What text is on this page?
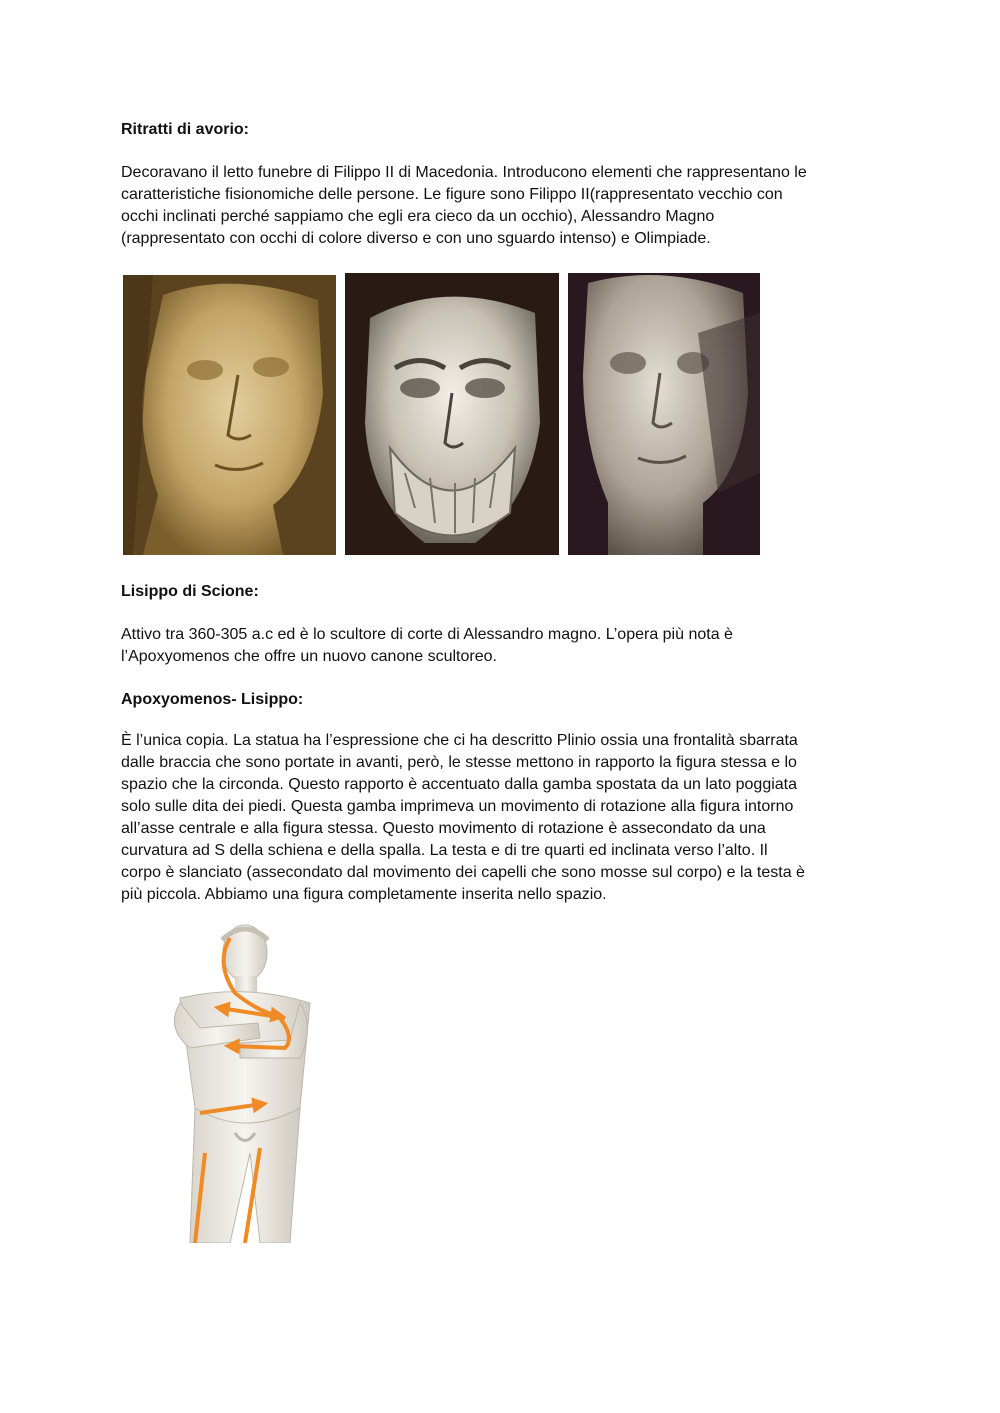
Ritratti di avorio:

Decoravano il letto funebre di Filippo II di Macedonia. Introducono elementi che rappresentano le
caratteristiche fisionomiche delle persone. Le figure sono Filippo II(rappresentato vecchio con
occhi inclinati perché sappiamo che egli era cieco da un occhio), Alessandro Magno
(rappresentato con occhi di colore diverso e con uno sguardo intenso) e Olimpiade.

Lisippo di Scione:

Attivo tra 360-305 a.c ed è lo scultore di corte di Alessandro magno. L’opera più nota è
l’Apoxyomenos che offre un nuovo canone scultoreo.

Apoxyomenos- Lisippo:

È l’unica copia. La statua ha l’espressione che ci ha descritto Plinio ossia una frontalità sbarrata
dalle braccia che sono portate in avanti, però, le stesse mettono in rapporto la figura stessa e lo
spazio che la circonda. Questo rapporto è accentuato dalla gamba spostata da un lato poggiata
solo sulle dita dei piedi. Questa gamba imprimeva un movimento di rotazione alla figura intorno
all’asse centrale e alla figura stessa. Questo movimento di rotazione è assecondato da una
curvatura ad S della schiena e della spalla. La testa e di tre quarti ed inclinata verso l’alto. Il
corpo è slanciato (assecondato dal movimento dei capelli che sono mosse sul corpo) e la testa è
più piccola. Abbiamo una figura completamente inserita nello spazio.
